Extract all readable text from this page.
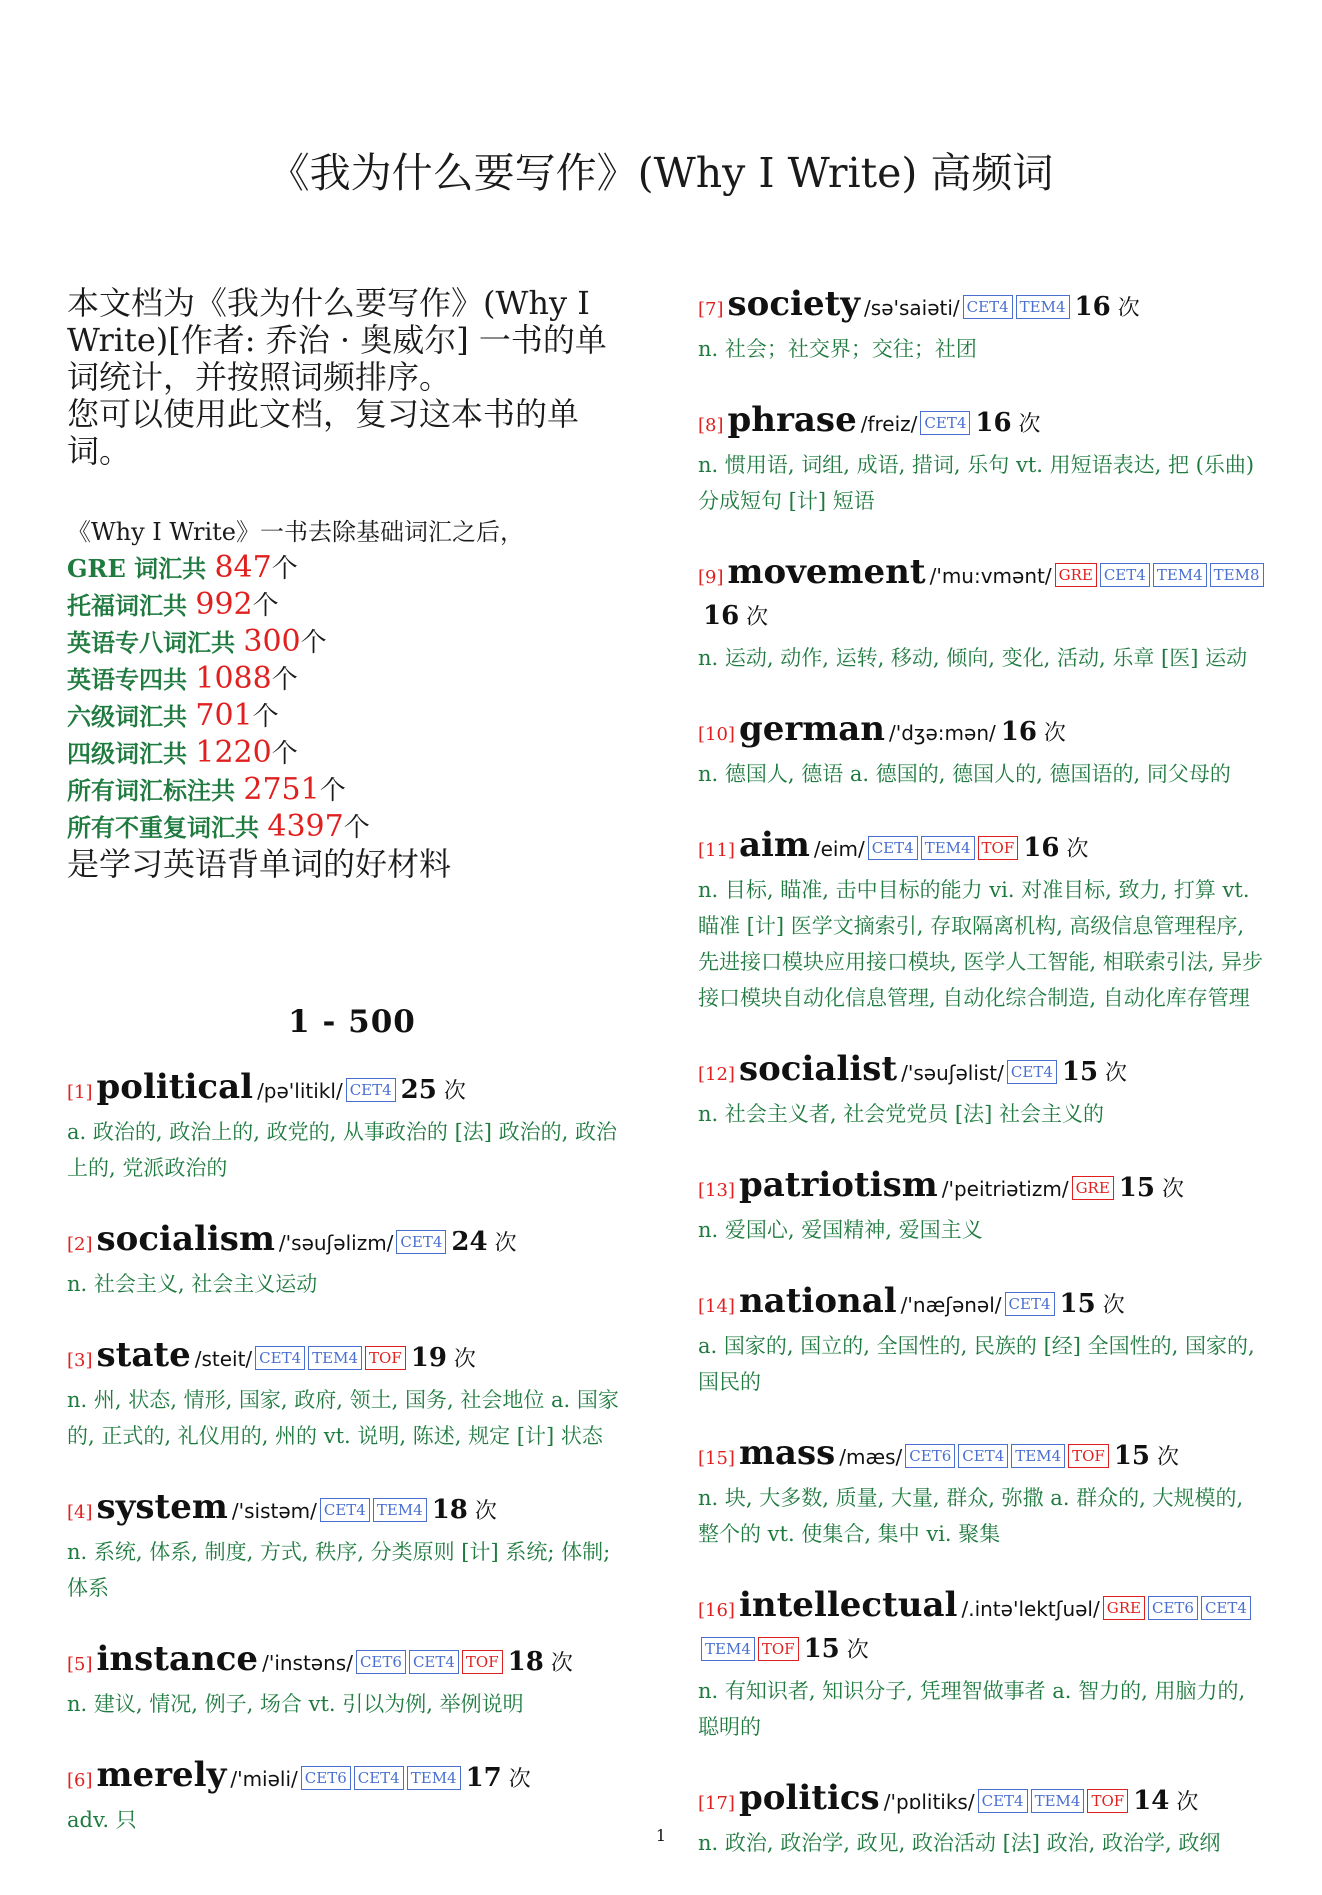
《我为什么要写作》(Why I Write) 高频词

本文档为《我为什么要写作》(Why I Write)[作者: 乔治 · 奥威尔] 一书的单词统计，并按照词频排序。

您可以使用此文档，复习这本书的单词。

《Why I Write》一书去除基础词汇之后，
GRE 词汇共 847个
托福词汇共 992个
英语专八词汇共 300个
英语专四共 1088个
六级词汇共 701个
四级词汇共 1220个
所有词汇标注共 2751个
所有不重复词汇共 4397个
是学习英语背单词的好材料
1 - 500
[1] political /pə'litikl/ CET4 25 次
a. 政治的, 政治上的, 政党的, 从事政治的 [法] 政治的, 政治上的, 党派政治的
[2] socialism /'səuʃəlizm/ CET4 24 次
n. 社会主义, 社会主义运动
[3] state /steit/ CET4 TEM4 TOF 19 次
n. 州, 状态, 情形, 国家, 政府, 领土, 国务, 社会地位 a. 国家的, 正式的, 礼仪用的, 州的 vt. 说明, 陈述, 规定 [计] 状态
[4] system /'sistəm/ CET4 TEM4 18 次
n. 系统, 体系, 制度, 方式, 秩序, 分类原则 [计] 系统; 体制; 体系
[5] instance /'instəns/ CET6 CET4 TOF 18 次
n. 建议, 情况, 例子, 场合 vt. 引以为例, 举例说明
[6] merely /'miəli/ CET6 CET4 TEM4 17 次
adv. 只
[7] society /sə'saiəti/ CET4 TEM4 16 次
n. 社会；社交界；交往；社团
[8] phrase /freiz/ CET4 16 次
n. 惯用语, 词组, 成语, 措词, 乐句 vt. 用短语表达, 把 (乐曲) 分成短句 [计] 短语
[9] movement /'mu:vmənt/ GRE CET4 TEM4 TEM816 次
n. 运动, 动作, 运转, 移动, 倾向, 变化, 活动, 乐章 [医] 运动
[10] german /'dʒə:mən/ 16 次
n. 德国人, 德语 a. 德国的, 德国人的, 德国语的, 同父母的
[11] aim /eim/ CET4 TEM4 TOF 16 次
n. 目标, 瞄准, 击中目标的能力 vi. 对准目标, 致力, 打算 vt. 瞄准 [计] 医学文摘索引, 存取隔离机构, 高级信息管理程序, 先进接口模块应用接口模块, 医学人工智能, 相联索引法, 异步接口模块自动化信息管理, 自动化综合制造, 自动化库存管理
[12] socialist /'səuʃəlist/ CET4 15 次
n. 社会主义者, 社会党党员 [法] 社会主义的
[13] patriotism /'peitriətizm/ GRE 15 次
n. 爱国心, 爱国精神, 爱国主义
[14] national /'næʃənəl/ CET4 15 次
a. 国家的, 国立的, 全国性的, 民族的 [经] 全国性的, 国家的, 国民的
[15] mass /mæs/ CET6 CET4 TEM4 TOF 15 次
n. 块, 大多数, 质量, 大量, 群众, 弥撒 a. 群众的, 大规模的, 整个的 vt. 使集合, 集中 vi. 聚集
[16] intellectual /.intə'lektʃuəl/ GRE CET6 CET4TEM4 TOF 15 次
n. 有知识者, 知识分子, 凭理智做事者 a. 智力的, 用脑力的, 聪明的
[17] politics /'pɒlitiks/ CET4 TEM4 TOF 14 次
n. 政治, 政治学, 政见, 政治活动 [法] 政治, 政治学, 政纲
1
